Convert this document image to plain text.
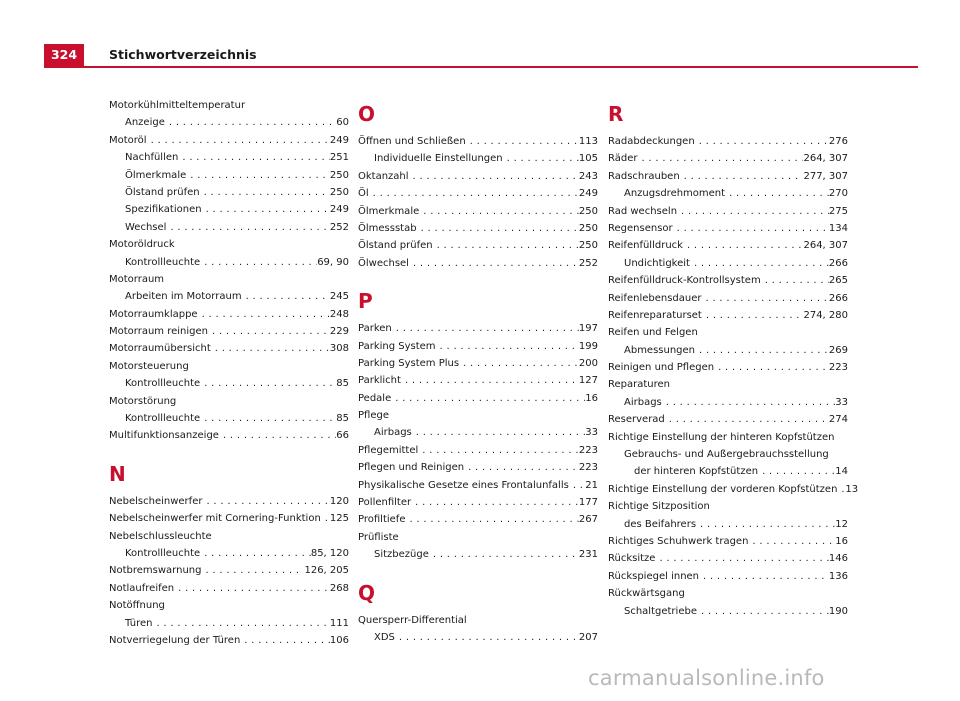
324	Stichwortverzeichnis
Motorkühlmitteltemperatur
Anzeige . . .	60
Motoröl . . .	249
Nachfüllen . . .	251
Ölmerkmale . . .	250
Ölstand prüfen . . .	250
Spezifikationen . . .	249
Wechsel . . .	252
Motoröldruck
Kontrollleuchte . . .	69, 90
Motorraum
Arbeiten im Motorraum . . .	245
Motorraumklappe . . .	248
Motorraum reinigen . . .	229
Motorraumübersicht . . .	308
Motorsteuerung
Kontrollleuchte . . .	85
Motorstörung
Kontrollleuchte . . .	85
Multifunktionsanzeige . . .	66
N
Nebelscheinwerfer . . .	120
Nebelscheinwerfer mit Cornering-Funktion . . . 125
Nebelschlussleuchte
Kontrollleuchte . . .	85, 120
Notbremswarnung . . .	126, 205
Notlaufreifen . . .	268
Notöffnung
Türen . . .	111
Notverriegelung der Türen . . .	106
O
Öffnen und Schließen . . .	113
Individuelle Einstellungen . . .	105
Oktanzahl . . .	243
Öl . . .	249
Ölmerkmale . . .	250
Ölmessstab . . .	250
Ölstand prüfen . . .	250
Ölwechsel . . .	252
P
Parken . . .	197
Parking System . . .	199
Parking System Plus . . .	200
Parklicht . . .	127
Pedale . . .	16
Pflege
Airbags . . .	33
Pflegemittel . . .	223
Pflegen und Reinigen . . .	223
Physikalische Gesetze eines Frontalunfalls . . . 21
Pollenfilter . . .	177
Profiltiefe . . .	267
Prüfliste
Sitzbezüge . . .	231
Q
Quersperr-Differential
XDS . . .	207
R
Radabdeckungen . . .	276
Räder . . .	264, 307
Radschrauben . . .	277, 307
Anzugsdrehmoment . . .	270
Rad wechseln . . .	275
Regensensor . . .	134
Reifenfülldruck . . .	264, 307
Undichtigkeit . . .	266
Reifenfülldruck-Kontrollsystem . . .	265
Reifenlebensdauer . . .	266
Reifenreparaturset . . .	274, 280
Reifen und Felgen
Abmessungen . . .	269
Reinigen und Pflegen . . .	223
Reparaturen
Airbags . . .	33
Reserverad . . .	274
Richtige Einstellung der hinteren Kopfstützen
Gebrauchs- und Außergebrauchsstellung
der hinteren Kopfstützen . . .	14
Richtige Einstellung der vorderen Kopfstützen . . . 13
Richtige Sitzposition
des Beifahrers . . .	12
Richtiges Schuhwerk tragen . . .	16
Rücksitze . . .	146
Rückspiegel innen . . .	136
Rückwärtsgang
Schaltgetriebe . . .	190
carmanualsonline.info
